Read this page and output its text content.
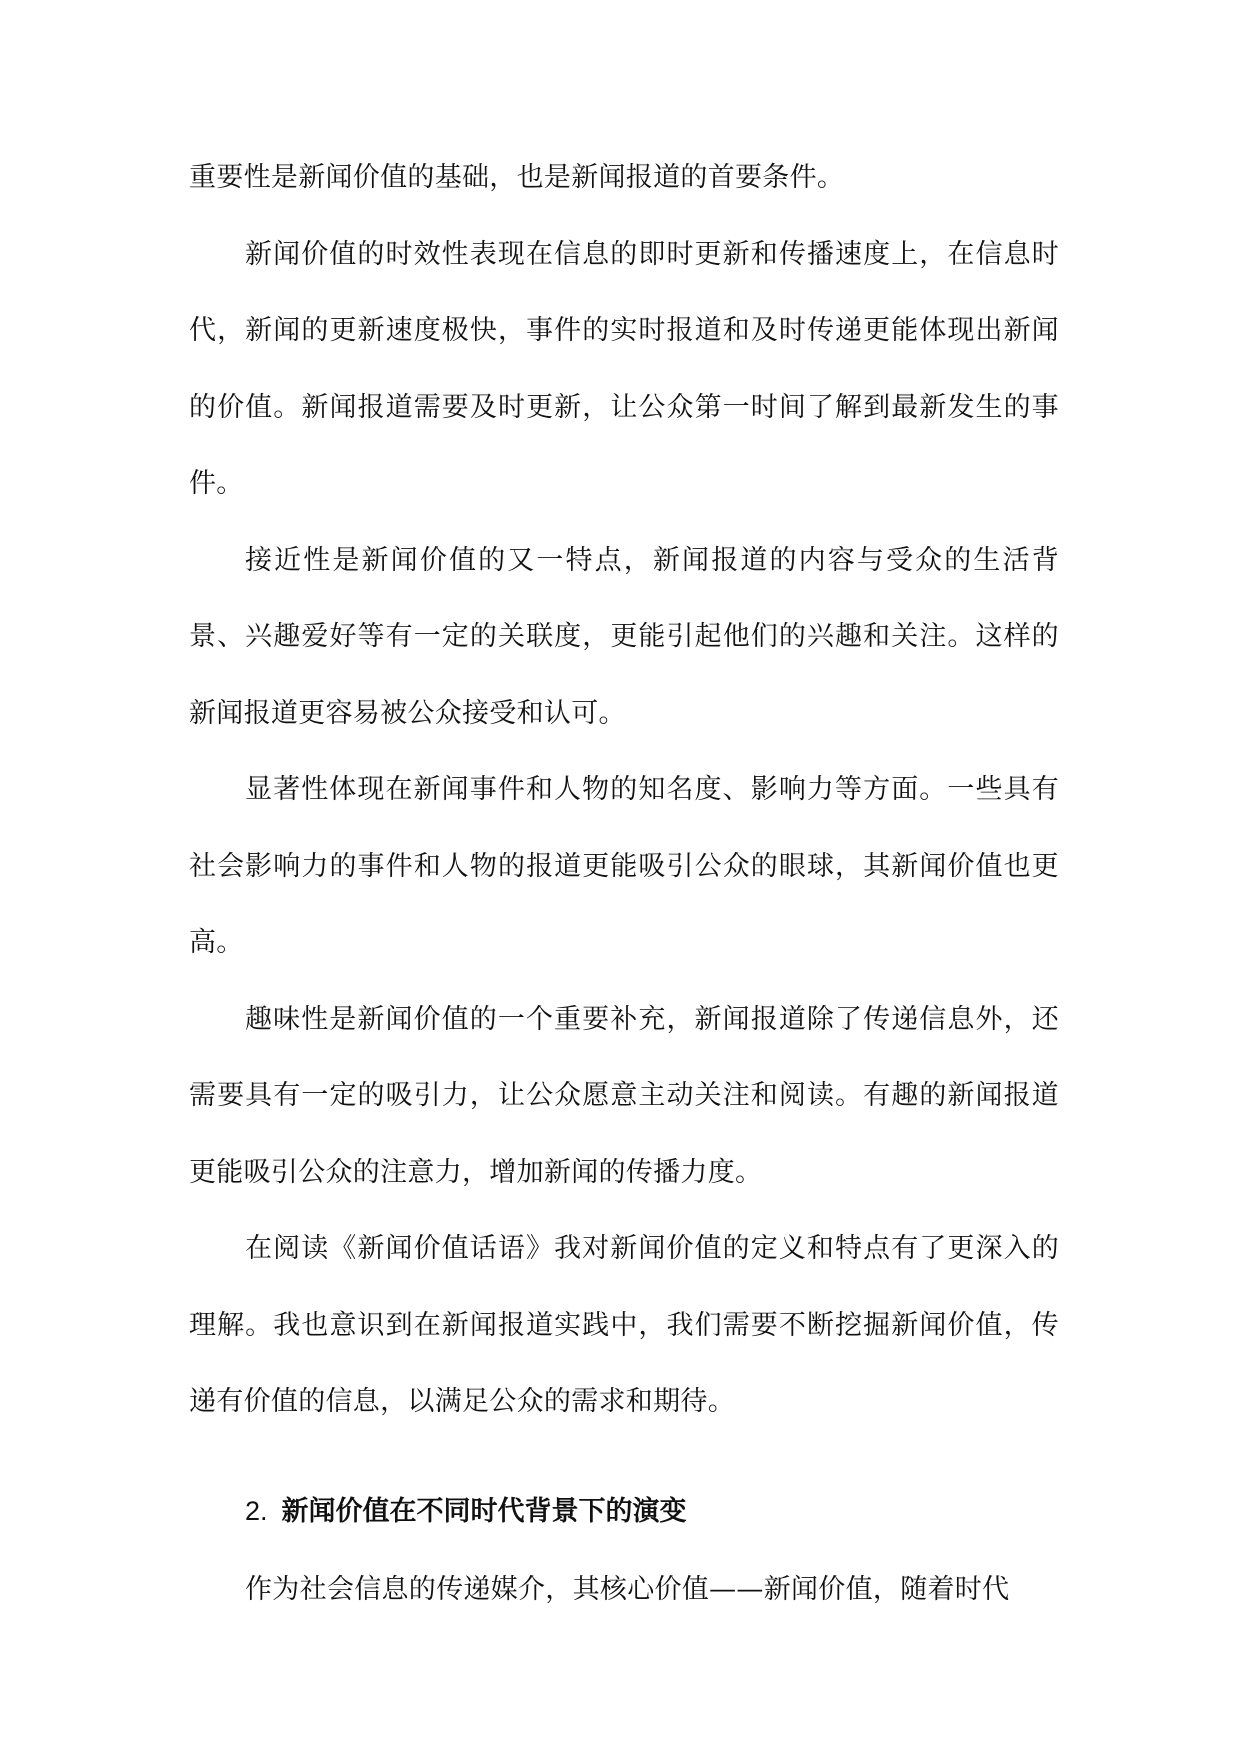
重要性是新闻价值的基础，也是新闻报道的首要条件。

新闻价值的时效性表现在信息的即时更新和传播速度上，在信息时代，新闻的更新速度极快，事件的实时报道和及时传递更能体现出新闻的价值。新闻报道需要及时更新，让公众第一时间了解到最新发生的事件。

接近性是新闻价值的又一特点，新闻报道的内容与受众的生活背景、兴趣爱好等有一定的关联度，更能引起他们的兴趣和关注。这样的新闻报道更容易被公众接受和认可。

显著性体现在新闻事件和人物的知名度、影响力等方面。一些具有社会影响力的事件和人物的报道更能吸引公众的眼球，其新闻价值也更高。

趣味性是新闻价值的一个重要补充，新闻报道除了传递信息外，还需要具有一定的吸引力，让公众愿意主动关注和阅读。有趣的新闻报道更能吸引公众的注意力，增加新闻的传播力度。

在阅读《新闻价值话语》我对新闻价值的定义和特点有了更深入的理解。我也意识到在新闻报道实践中，我们需要不断挖掘新闻价值，传递有价值的信息，以满足公众的需求和期待。

2. 新闻价值在不同时代背景下的演变

作为社会信息的传递媒介，其核心价值——新闻价值，随着时代
